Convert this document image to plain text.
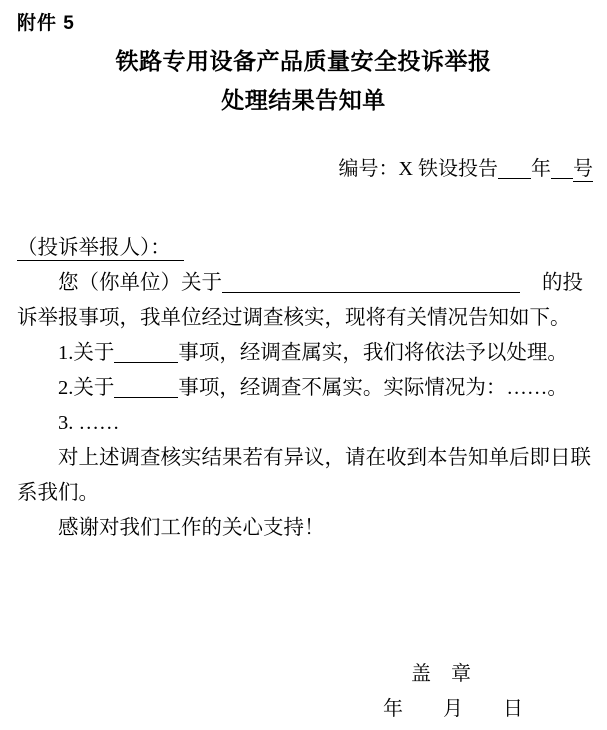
附件 5
铁路专用设备产品质量安全投诉举报
处理结果告知单
编号：X 铁设投告 年 号
（投诉举报人）：
您（你单位）关于	的投
诉举报事项，我单位经过调查核实，现将有关情况告知如下。
1.关于	事项，经调查属实，我们将依法予以处理。
2.关于	事项，经调查不属实。实际情况为：……。
3. ……
对上述调查核实结果若有异议，请在收到本告知单后即日联
系我们。
感谢对我们工作的关心支持！
盖　章
年　　月　　日
